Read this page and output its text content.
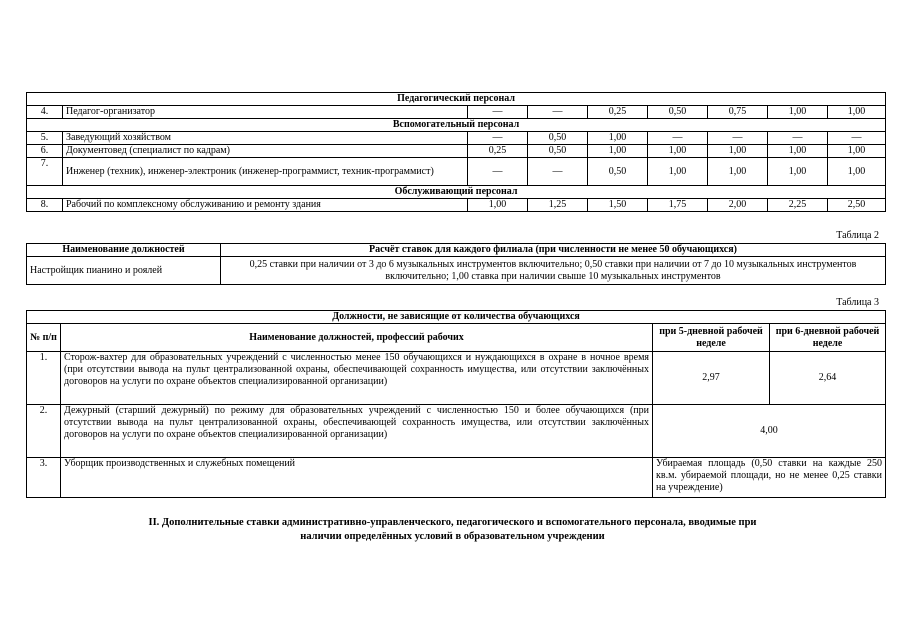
Педагогический персонал								
4.	Педагог-организатор	—	—	0,25	0,50	0,75	1,00	1,00
Вспомогательный персонал								
5.	Заведующий хозяйством	—	0,50	1,00	—	—	—	—
6.	Документовед (специалист по кадрам)	0,25	0,50	1,00	1,00	1,00	1,00	1,00
7.	Инженер (техник), инженер-электроник (инженер-программист, техник-программист)	—	—	0,50	1,00	1,00	1,00	1,00
Обслуживающий персонал								
8.	Рабочий по комплексному обслуживанию и ремонту здания	1,00	1,25	1,50	1,75	2,00	2,25	2,50
Таблица 2
Наименование должностей	Расчёт ставок для каждого филиала (при численности не менее 50 обучающихся)
Настройщик пианино и роялей	0,25 ставки при наличии от 3 до 6 музыкальных инструментов включительно; 0,50 ставки при наличии от 7 до 10 музыкальных инструментов включительно; 1,00 ставка при наличии свыше 10 музыкальных инструментов
Таблица 3
Должности, не зависящие от количества обучающихся			
№ п/п	Наименование должностей, профессий рабочих	при 5-дневной рабочей неделе	при 6-дневной рабочей неделе
1.	Сторож-вахтер для образовательных учреждений с численностью менее 150 обучающихся и нуждающихся в охране в ночное время (при отсутствии вывода на пульт централизованной охраны, обеспечивающей сохранность имущества, или отсутствии заключённых договоров на услуги по охране объектов специализированной организации)	2,97	2,64
2.	Дежурный (старший дежурный) по режиму для образовательных учреждений с численностью 150 и более обучающихся (при отсутствии вывода на пульт централизованной охраны, обеспечивающей сохранность имущества, или отсутствии заключённых договоров на услуги по охране объектов специализированной организации)	4,00	
3.	Уборщик производственных и служебных помещений	Убираемая площадь (0,50 ставки на каждые 250 кв.м. убираемой площади, но не менее 0,25 ставки на учреждение)	
II. Дополнительные ставки административно-управленческого, педагогического и вспомогательного персонала, вводимые при наличии определённых условий в образовательном учреждении
